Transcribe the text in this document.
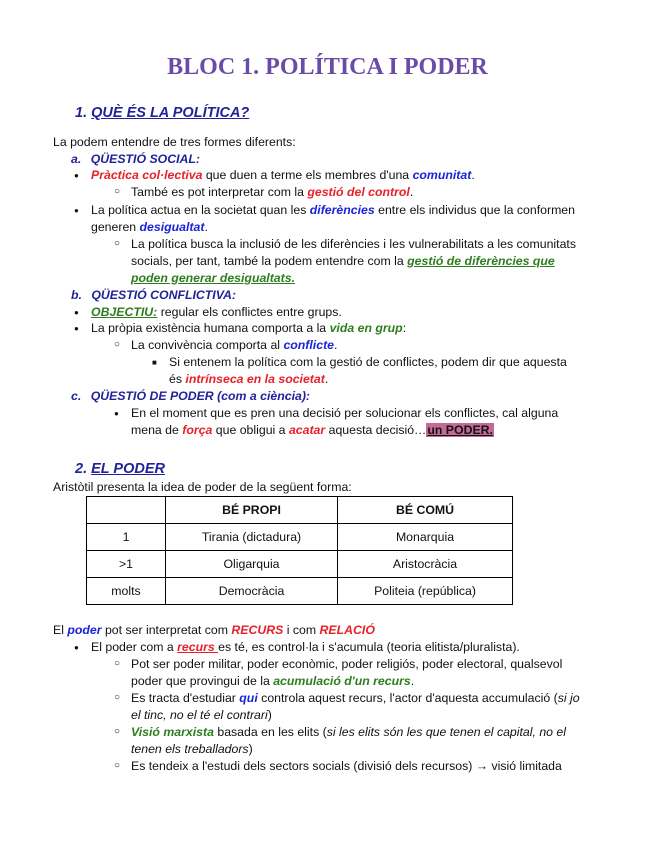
BLOC 1. POLÍTICA I PODER
1. QUÈ ÉS LA POLÍTICA?
La podem entendre de tres formes diferents:
a. QÜESTIÓ SOCIAL:
● Pràctica col·lectiva que duen a terme els membres d'una comunitat.
○ També es pot interpretar com la gestió del control.
● La política actua en la societat quan les diferències entre els individus que la conformen
generen desigualtat.
○ La política busca la inclusió de les diferències i les vulnerabilitats a les comunitats
socials, per tant, també la podem entendre com la gestió de diferències que
poden generar desigualtats.
b. QÜESTIÓ CONFLICTIVA:
● OBJECTIU: regular els conflictes entre grups.
● La pròpia existència humana comporta a la vida en grup:
○ La convivència comporta al conflicte.
■ Si entenem la política com la gestió de conflictes, podem dir que aquesta
és intrínseca en la societat.
c. QÜESTIÓ DE PODER (com a ciència):
● En el moment que es pren una decisió per solucionar els conflictes, cal alguna
mena de força que obligui a acatar aquesta decisió…un PODER.
2. EL PODER
Aristòtil presenta la idea de poder de la següent forma:
	BÉ PROPI	BÉ COMÚ
1	Tirania (dictadura)	Monarquia
>1	Oligarquia	Aristocràcia
molts	Democràcia	Politeia (república)
El poder pot ser interpretat com RECURS i com RELACIÓ
● El poder com a recurs es té, es control·la i s'acumula (teoria elitista/pluralista).
○ Pot ser poder militar, poder econòmic, poder religiós, poder electoral, qualsevol
poder que provingui de la acumulació d'un recurs.
○ Es tracta d'estudiar qui controla aquest recurs, l'actor d'aquesta accumulació (si jo
el tinc, no el té el contrari)
○ Visió marxista basada en les elits (si les elits són les que tenen el capital, no el
tenen els treballadors)
○ Es tendeix a l'estudi dels sectors socials (divisió dels recursos) → visió limitada
